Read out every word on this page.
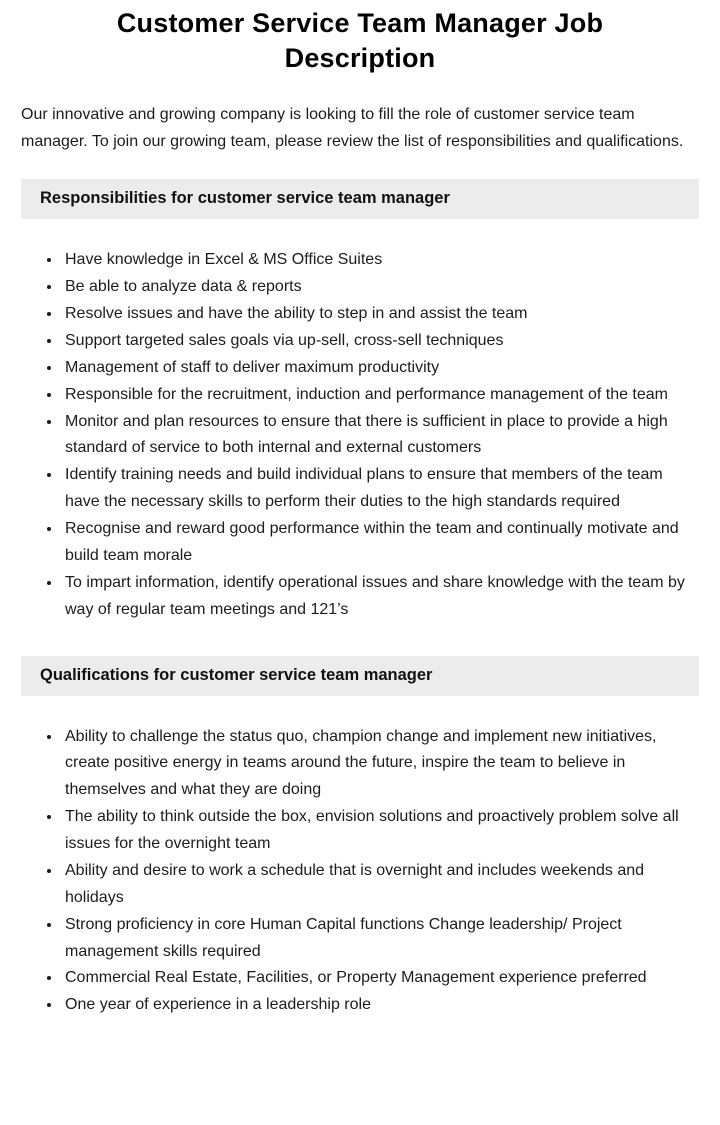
Customer Service Team Manager Job Description

Our innovative and growing company is looking to fill the role of customer service team manager. To join our growing team, please review the list of responsibilities and qualifications.

Responsibilities for customer service team manager
• Have knowledge in Excel & MS Office Suites
• Be able to analyze data & reports
• Resolve issues and have the ability to step in and assist the team
• Support targeted sales goals via up-sell, cross-sell techniques
• Management of staff to deliver maximum productivity
• Responsible for the recruitment, induction and performance management of the team
• Monitor and plan resources to ensure that there is sufficient in place to provide a high standard of service to both internal and external customers
• Identify training needs and build individual plans to ensure that members of the team have the necessary skills to perform their duties to the high standards required
• Recognise and reward good performance within the team and continually motivate and build team morale
• To impart information, identify operational issues and share knowledge with the team by way of regular team meetings and 121’s
Qualifications for customer service team manager
• Ability to challenge the status quo, champion change and implement new initiatives, create positive energy in teams around the future, inspire the team to believe in themselves and what they are doing
• The ability to think outside the box, envision solutions and proactively problem solve all issues for the overnight team
• Ability and desire to work a schedule that is overnight and includes weekends and holidays
• Strong proficiency in core Human Capital functions Change leadership/ Project management skills required
• Commercial Real Estate, Facilities, or Property Management experience preferred
• One year of experience in a leadership role
